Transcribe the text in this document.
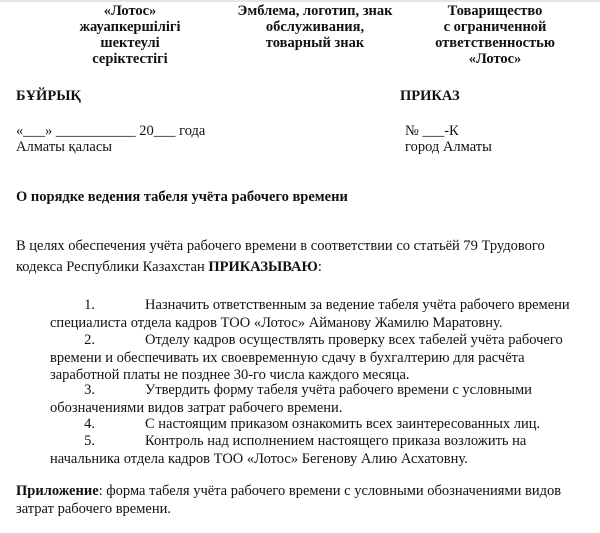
«Лотос»
жауапкершілігі
шектеулі
серіктестігі
Эмблема, логотип, знак
обслуживания,
товарный знак
Товарищество
с ограниченной
ответственностью
«Лотос»
БҰЙРЫҚ	ПРИКАЗ
«___» ___________ 20___ года
Алматы қаласы
№ ___-К
город Алматы
О порядке ведения табеля учёта рабочего времени
В целях обеспечения учёта рабочего времени в соответствии со статьёй 79 Трудового
кодекса Республики Казахстан ПРИКАЗЫВАЮ:
1.	Назначить ответственным за ведение табеля учёта рабочего времени
специалиста отдела кадров ТОО «Лотос» Айманову Жамилю Маратовну.
2.	Отделу кадров осуществлять проверку всех табелей учёта рабочего
времени и обеспечивать их своевременную сдачу в бухгалтерию для расчёта
заработной платы не позднее 30-го числа каждого месяца.
3.	Утвердить форму табеля учёта рабочего времени с условными
обозначениями видов затрат рабочего времени.
4.	С настоящим приказом ознакомить всех заинтересованных лиц.
5.	Контроль над исполнением настоящего приказа возложить на
начальника отдела кадров ТОО «Лотос» Бегенову Алию Асхатовну.
Приложение: форма табеля учёта рабочего времени с условными обозначениями видов
затрат рабочего времени.
